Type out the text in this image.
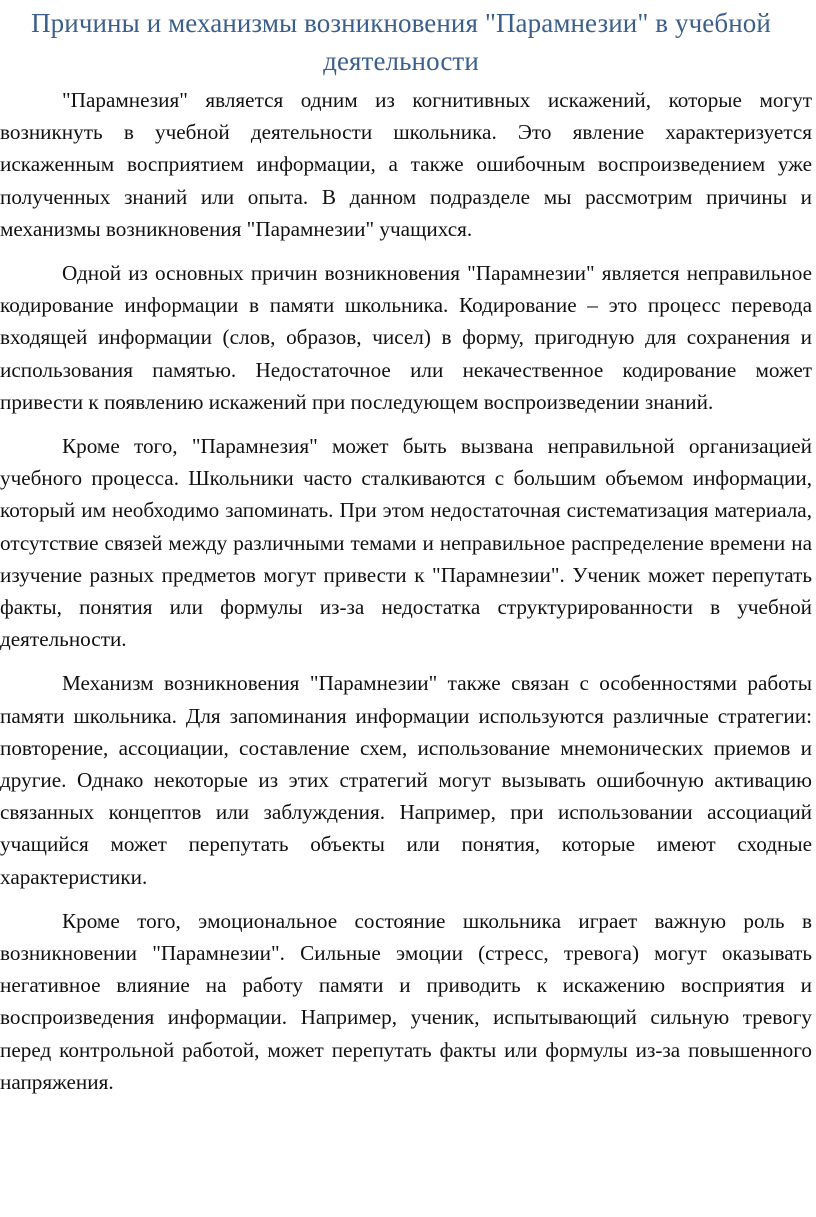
Причины и механизмы возникновения "Парамнезии" в учебной деятельности

"Парамнезия" является одним из когнитивных искажений, которые могут возникнуть в учебной деятельности школьника. Это явление характеризуется искаженным восприятием информации, а также ошибочным воспроизведением уже полученных знаний или опыта. В данном подразделе мы рассмотрим причины и механизмы возникновения "Парамнезии" учащихся.

Одной из основных причин возникновения "Парамнезии" является неправильное кодирование информации в памяти школьника. Кодирование – это процесс перевода входящей информации (слов, образов, чисел) в форму, пригодную для сохранения и использования памятью. Недостаточное или некачественное кодирование может привести к появлению искажений при последующем воспроизведении знаний.

Кроме того, "Парамнезия" может быть вызвана неправильной организацией учебного процесса. Школьники часто сталкиваются с большим объемом информации, который им необходимо запоминать. При этом недостаточная систематизация материала, отсутствие связей между различными темами и неправильное распределение времени на изучение разных предметов могут привести к "Парамнезии". Ученик может перепутать факты, понятия или формулы из-за недостатка структурированности в учебной деятельности.

Механизм возникновения "Парамнезии" также связан с особенностями работы памяти школьника. Для запоминания информации используются различные стратегии: повторение, ассоциации, составление схем, использование мнемонических приемов и другие. Однако некоторые из этих стратегий могут вызывать ошибочную активацию связанных концептов или заблуждения. Например, при использовании ассоциаций учащийся может перепутать объекты или понятия, которые имеют сходные характеристики.

Кроме того, эмоциональное состояние школьника играет важную роль в возникновении "Парамнезии". Сильные эмоции (стресс, тревога) могут оказывать негативное влияние на работу памяти и приводить к искажению восприятия и воспроизведения информации. Например, ученик, испытывающий сильную тревогу перед контрольной работой, может перепутать факты или формулы из-за повышенного напряжения.
